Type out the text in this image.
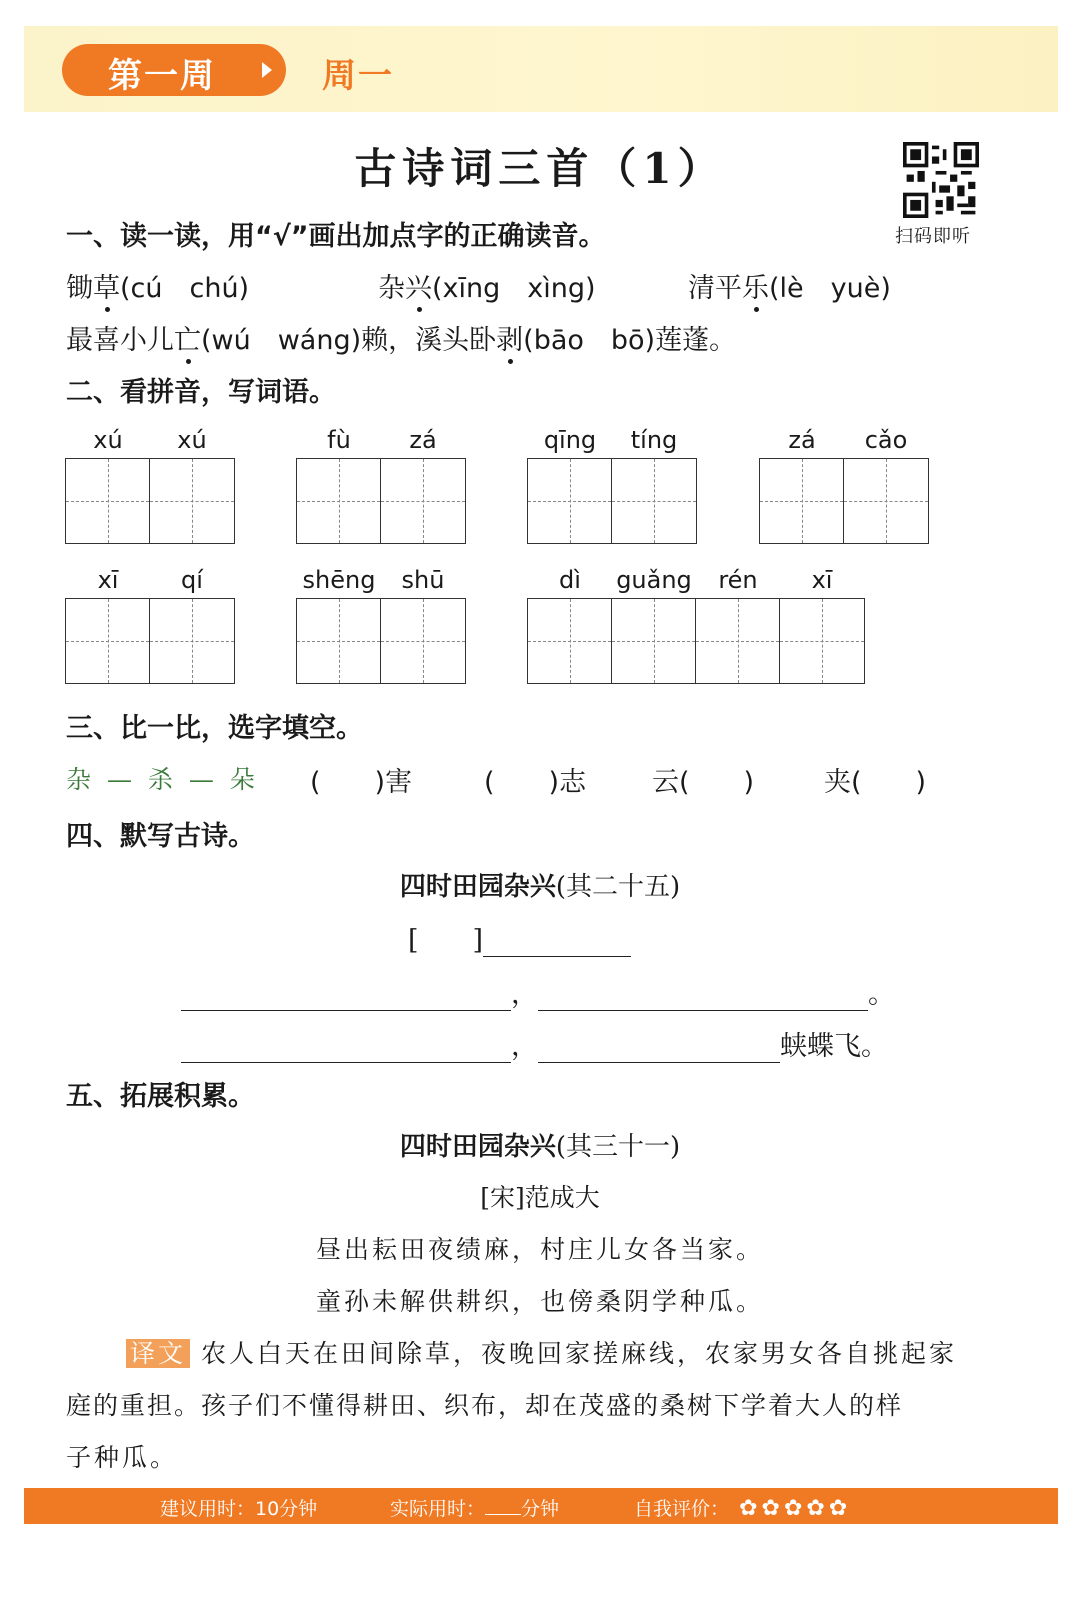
第一周	周一
古诗词三首（1）
扫码即听
一、读一读，用“√”画出加点字的正确读音。
锄草(cú　chú)	杂兴(xīng　xìng)	清平乐(lè　yuè)
最喜小儿亡(wú　wáng)赖，溪头卧剥(bāo　bō)莲蓬。
二、看拼音，写词语。
xú	xú	fù	zá	qīng	tíng	zá	cǎo
xī	qí	shēng	shū	dì	guǎng	rén	xī
三、比一比，选字填空。
杂 — 杀 — 朵 (　　)害	(　　)志 云(　　)	夹(　　)
四、默写古诗。
四时田园杂兴(其二十五)
[　　]
，	。
，	蛱蝶飞。
五、拓展积累。
四时田园杂兴(其三十一)
[宋]范成大
昼出耘田夜绩麻，村庄儿女各当家。
童孙未解供耕织，也傍桑阴学种瓜。
译文 农人白天在田间除草，夜晚回家搓麻线，农家男女各自挑起家
庭的重担。孩子们不懂得耕田、织布，却在茂盛的桑树下学着大人的样
子种瓜。
建议用时：10分钟	实际用时： 分钟	自我评价： ✿ ✿ ✿ ✿ ✿
